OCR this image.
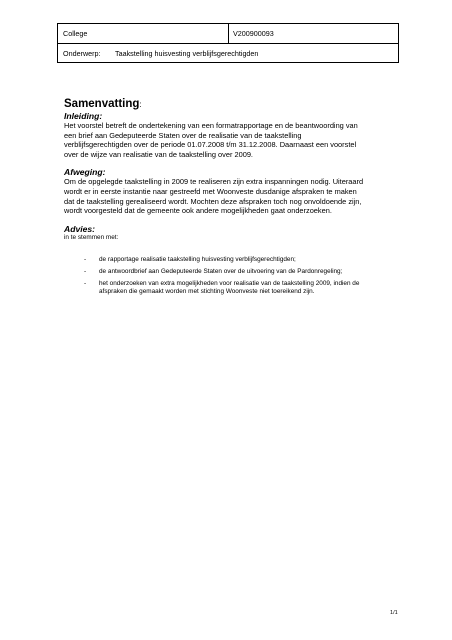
College	V200900093
Onderwerp: Taakstelling huisvesting verblijfsgerechtigden
Samenvatting:
Inleiding:

Het voorstel betreft de ondertekening van een formatrapportage en de beantwoording van

een brief aan Gedeputeerde Staten over de realisatie van de taakstelling

verblijfsgerechtigden over de periode 01.07.2008 t/m 31.12.2008. Daarnaast een voorstel

over de wijze van realisatie van de taakstelling over 2009.

Afweging:

Om de opgelegde taakstelling in 2009 te realiseren zijn extra inspanningen nodig. Uiteraard

wordt er in eerste instantie naar gestreefd met Woonveste dusdanige afspraken te maken

dat de taakstelling gerealiseerd wordt. Mochten deze afspraken toch nog onvoldoende zijn,

wordt voorgesteld dat de gemeente ook andere mogelijkheden gaat onderzoeken.

Advies:

in te stemmen met:

- de rapportage realisatie taakstelling huisvesting verblijfsgerechtigden;
- de antwoordbrief aan Gedeputeerde Staten over de uitvoering van de Pardonregeling;
- het onderzoeken van extra mogelijkheden voor realisatie van de taakstelling 2009, indien de
afspraken die gemaakt worden met stichting Woonveste niet toereikend zijn.
1/1
